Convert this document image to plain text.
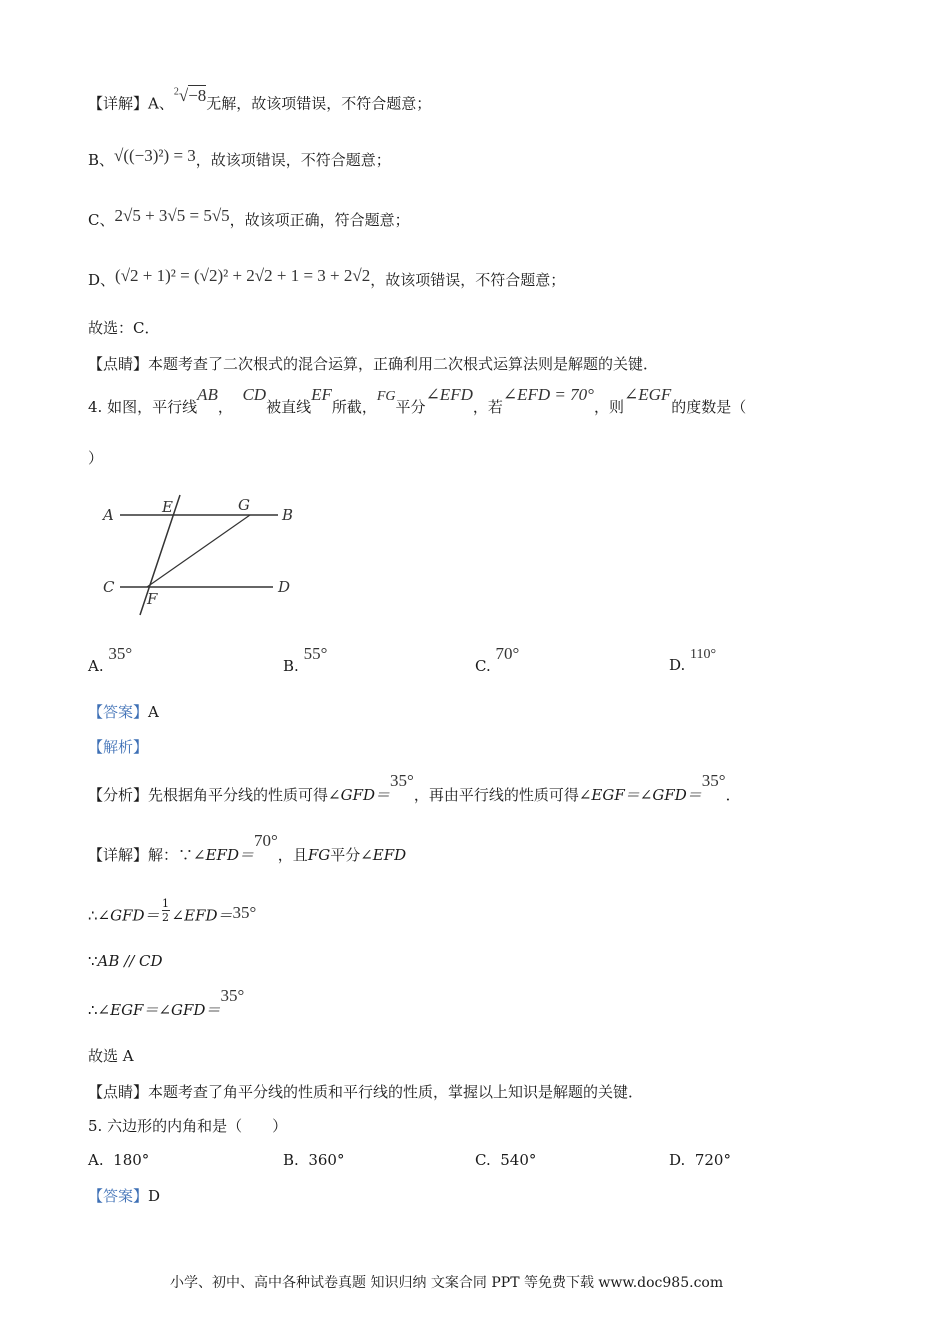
【详解】A、$^2$√−8无解，故该项错误，不符合题意；
B、√((−3)²) = 3，故该项错误，不符合题意；
C、2√5 + 3√5 = 5√5，故该项正确，符合题意；
D、(√2 + 1)² = (√2)² + 2√2 + 1 = 3 + 2√2，故该项错误，不符合题意；
故选：C．
【点睛】本题考查了二次根式的混合运算，正确利用二次根式运算法则是解题的关键．
4. 如图，平行线AB，  CD被直线EF所截，FG平分∠EFD，若∠EFD = 70°，则∠EGF的度数是（
）
A	E	G
B
C
F
D
A. 35°
B. 55°
C. 70°
D. 110°
【答案】A
【解析】
【分析】先根据角平分线的性质可得∠GFD＝35°，再由平行线的性质可得∠EGF＝∠GFD＝35°．
【详解】解：∵∠EFD＝70°，且FG平分∠EFD
∴∠GFD＝ $\frac{1}{2}$ ∠EFD＝35°
∵AB // CD
∴∠EGF＝∠GFD＝35°
故选 A
【点睛】本题考查了角平分线的性质和平行线的性质，掌握以上知识是解题的关键．
5. 六边形的内角和是（　　）
A. 180°	B. 360°	C. 540°	D. 720°
【答案】D
小学、初中、高中各种试卷真题 知识归纳 文案合同 PPT 等免费下载 www.doc985.com
